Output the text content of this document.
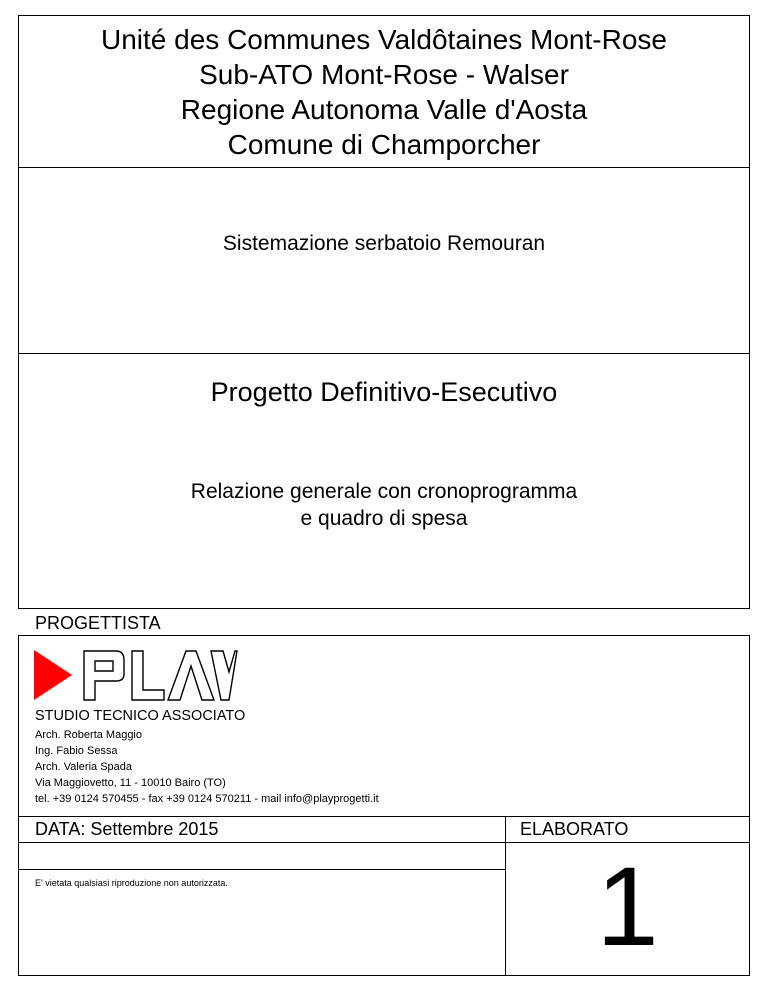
Unité des Communes Valdôtaines Mont-Rose
Sub-ATO Mont-Rose - Walser
Regione Autonoma Valle d'Aosta
Comune di Champorcher
Sistemazione serbatoio Remouran
Progetto Definitivo-Esecutivo
Relazione generale con cronoprogramma
e quadro di spesa
PROGETTISTA
STUDIO TECNICO ASSOCIATO
Arch. Roberta Maggio
Ing. Fabio Sessa
Arch. Valeria Spada
Via Maggiovetto, 11 - 10010 Bairo (TO)
tel. +39 0124 570455 - fax +39 0124 570211 - mail info@playprogetti.it
DATA: Settembre 2015	ELABORATO
E' vietata qualsiasi riproduzione non autorizzata.	1
